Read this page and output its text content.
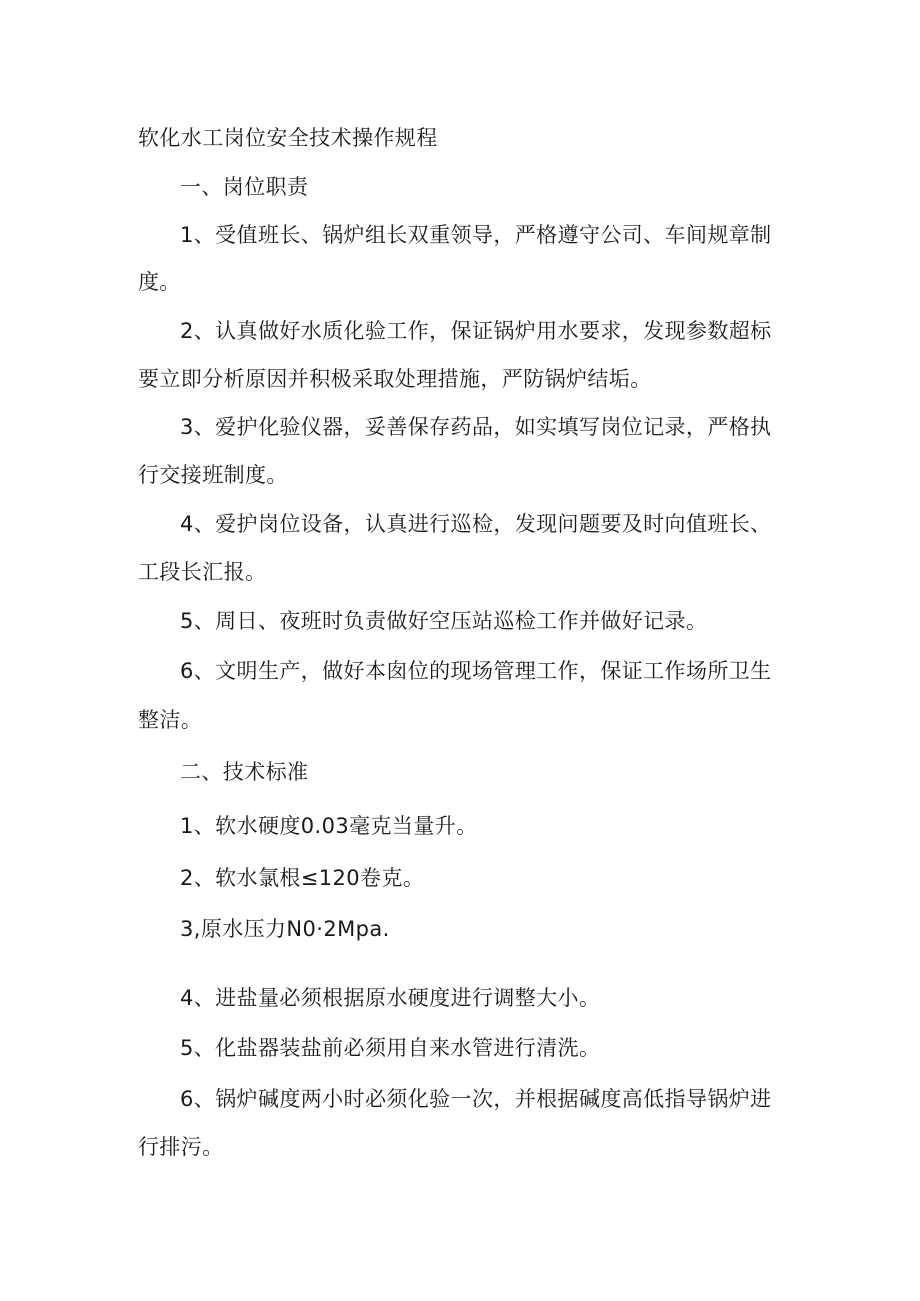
软化水工岗位安全技术操作规程
一、岗位职责
1、受值班长、锅炉组长双重领导，严格遵守公司、车间规章制
度。
2、认真做好水质化验工作，保证锅炉用水要求，发现参数超标
要立即分析原因并积极采取处理措施，严防锅炉结垢。
3、爱护化验仪器，妥善保存药品，如实填写岗位记录，严格执
行交接班制度。
4、爱护岗位设备，认真进行巡检，发现问题要及时向值班长、
工段长汇报。
5、周日、夜班时负责做好空压站巡检工作并做好记录。
6、文明生产，做好本囱位的现场管理工作，保证工作场所卫生
整洁。
二、技术标准
1、软水硬度0.03毫克当量升。
2、软水氯根≤120卷克。
3,原水压力N0·2Mpa.
4、进盐量必须根据原水硬度进行调整大小。
5、化盐器装盐前必须用自来水管进行清洗。
6、锅炉碱度两小时必须化验一次，并根据碱度高低指导锅炉进
行排污。
